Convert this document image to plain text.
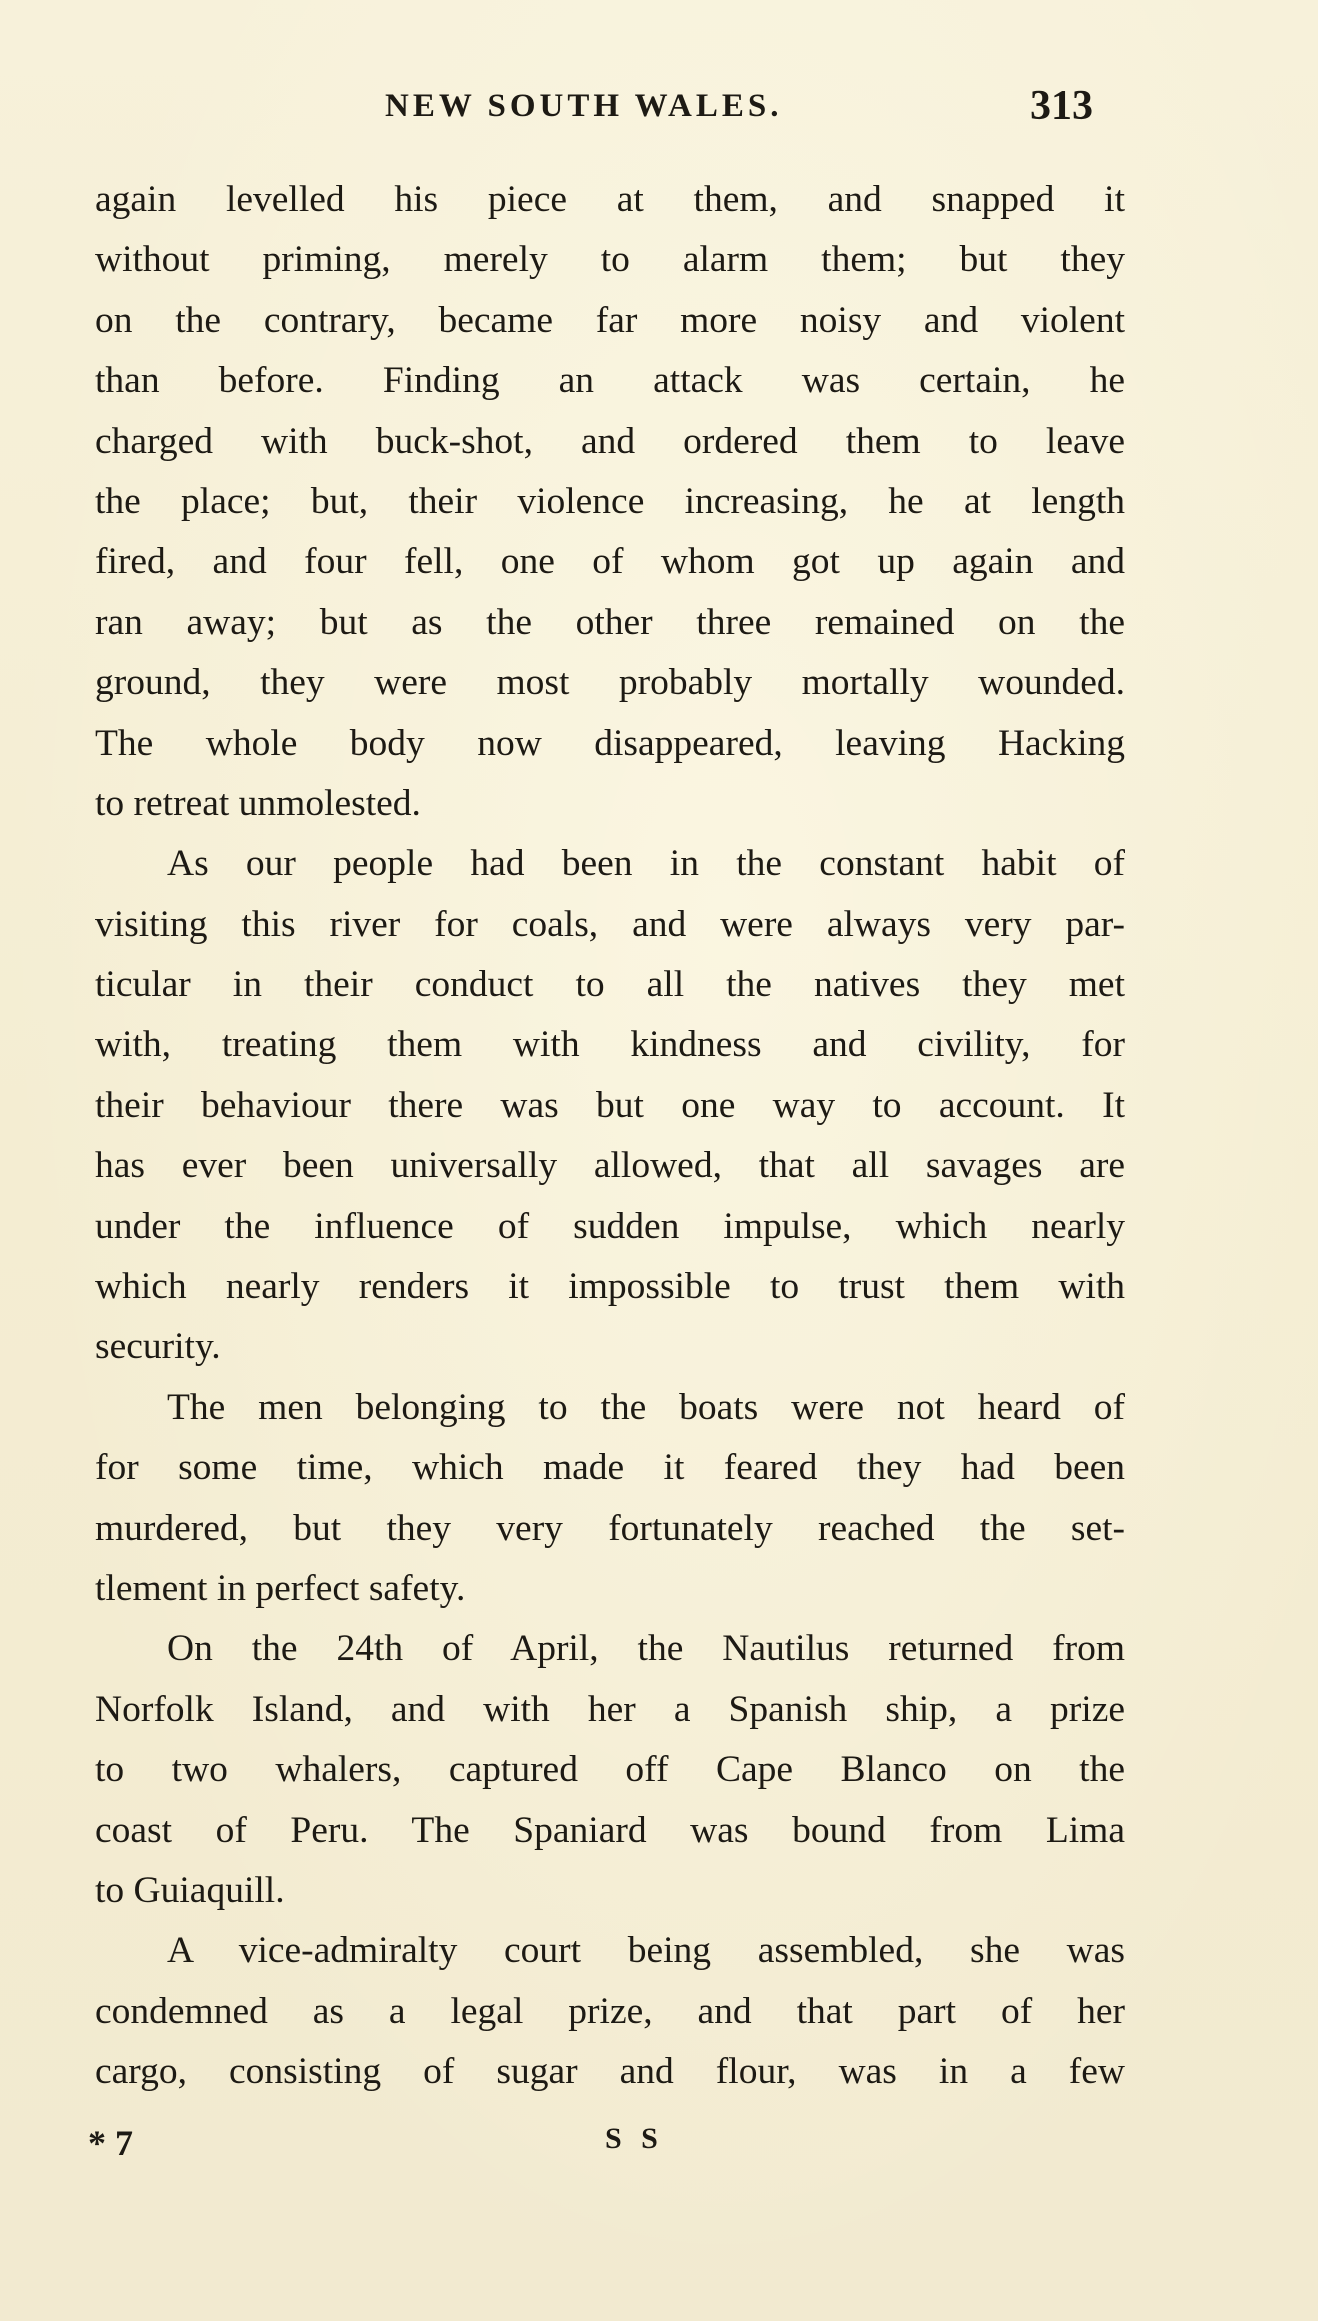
NEW SOUTH WALES.	313
again levelled his piece at them, and snapped it
without priming, merely to alarm them; but they
on the contrary, became far more noisy and violent
than before. Finding an attack was certain, he
charged with buck-shot, and ordered them to leave
the place; but, their violence increasing, he at length
fired, and four fell, one of whom got up again and
ran away; but as the other three remained on the
ground, they were most probably mortally wounded.
The whole body now disappeared, leaving Hacking
to retreat unmolested.
As our people had been in the constant habit of
visiting this river for coals, and were always very par-
ticular in their conduct to all the natives they met
with, treating them with kindness and civility, for
their behaviour there was but one way to account. It
has ever been universally allowed, that all savages are
under the influence of sudden impulse, which nearly
which nearly renders it impossible to trust them with
security.
The men belonging to the boats were not heard of
for some time, which made it feared they had been
murdered, but they very fortunately reached the set-
tlement in perfect safety.
On the 24th of April, the Nautilus returned from
Norfolk Island, and with her a Spanish ship, a prize
to two whalers, captured off Cape Blanco on the
coast of Peru. The Spaniard was bound from Lima
to Guiaquill.
A vice-admiralty court being assembled, she was
condemned as a legal prize, and that part of her
cargo, consisting of sugar and flour, was in a few
* 7	S S
